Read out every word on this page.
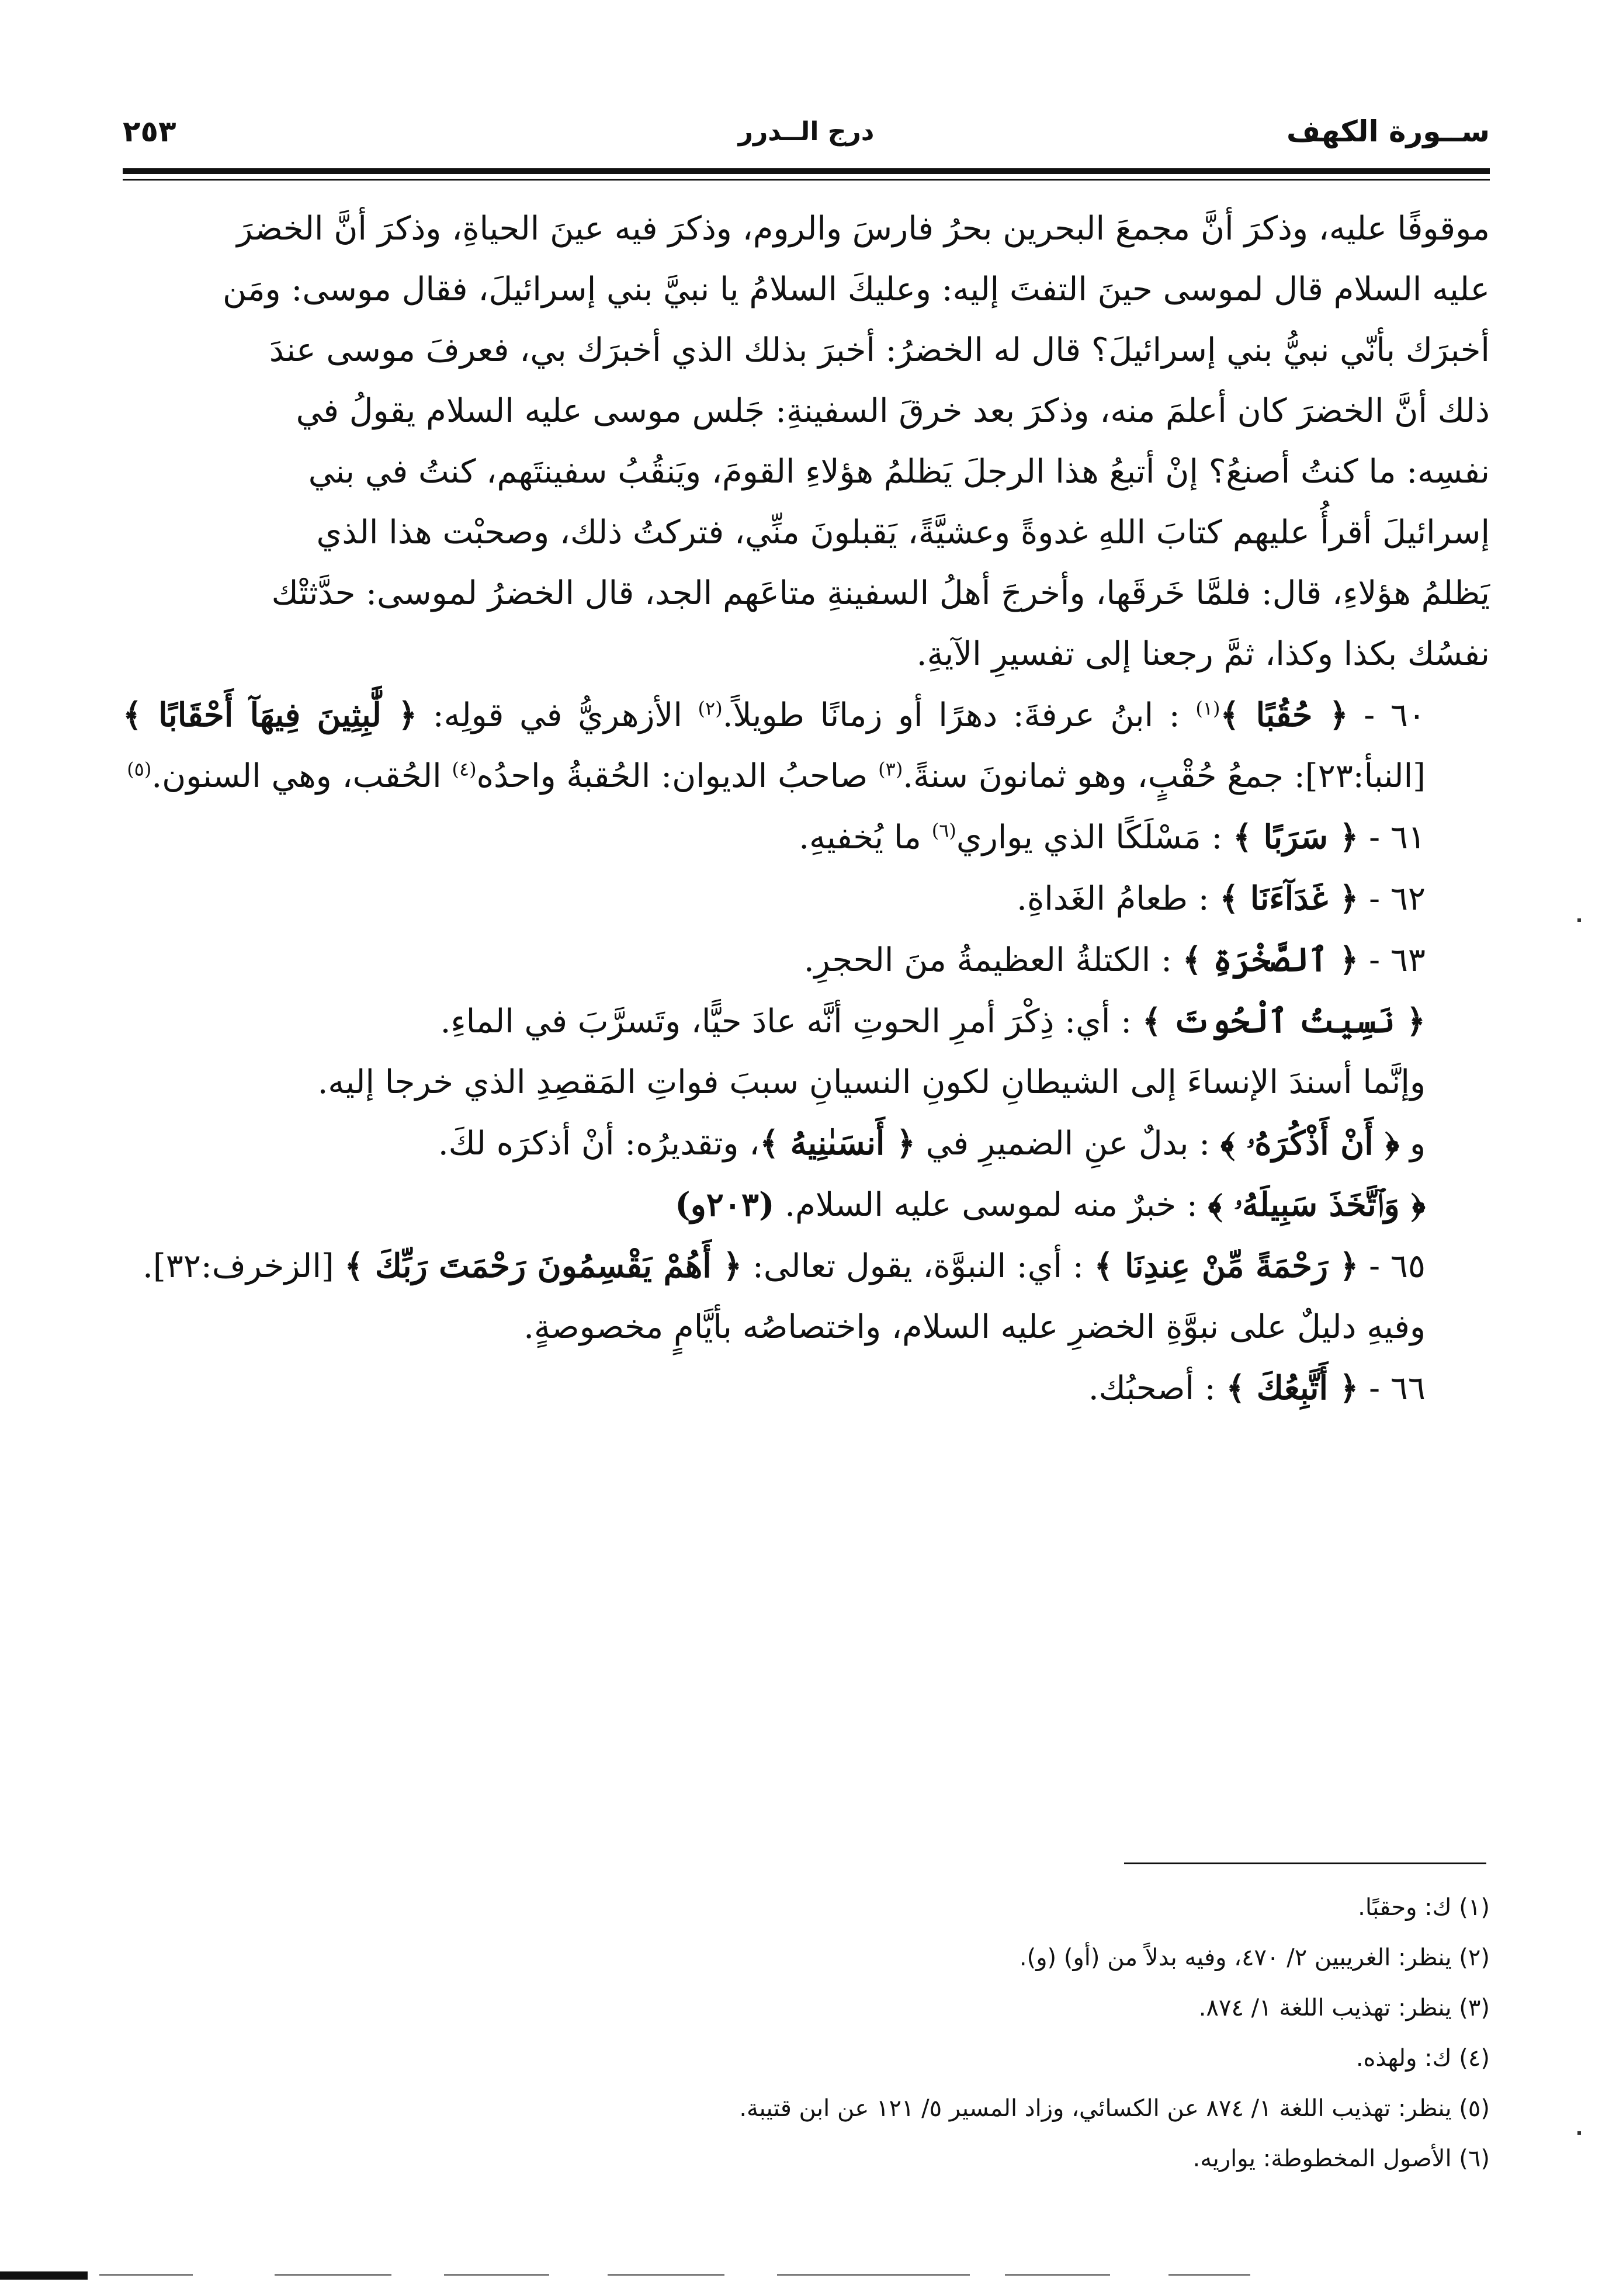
ســورة الكهف
درج الــدرر
٢٥٣

موقوفًا عليه، وذكرَ أنَّ مجمعَ البحرين بحرُ فارسَ والروم، وذكرَ فيه عينَ الحياةِ، وذكرَ أنَّ الخضرَ

عليه السلام قال لموسى حينَ التفتَ إليه: وعليكَ السلامُ يا نبيَّ بني إسرائيلَ، فقال موسى: ومَن

أخبرَك بأنّي نبيُّ بني إسرائيلَ؟ قال له الخضرُ: أخبرَ بذلك الذي أخبرَك بي، فعرفَ موسى عندَ

ذلك أنَّ الخضرَ كان أعلمَ منه، وذكرَ بعد خرقَ السفينةِ: جَلس موسى عليه السلام يقولُ في

نفسِه: ما كنتُ أصنعُ؟ إنْ أتبعُ هذا الرجلَ يَظلمُ هؤلاءِ القومَ، ويَنقُبُ سفينتَهم، كنتُ في بني

إسرائيلَ أقرأُ عليهم كتابَ اللهِ غدوةً وعشيَّةً، يَقبلونَ منِّي، فتركتُ ذلك، وصحبْت هذا الذي

يَظلمُ هؤلاءِ، قال: فلمَّا خَرقَها، وأخرجَ أهلُ السفينةِ متاعَهم الجد، قال الخضرُ لموسى: حدَّثتْك

نفسُك بكذا وكذا، ثمَّ رجعنا إلى تفسيرِ الآيةِ.

٦٠ - ﴿ حُقُبًا ﴾$^{(١)}$ : ابنُ عرفةَ: دهرًا أو زمانًا طويلاً.$^{(٢)}$ الأزهريُّ في قولِه: ﴿ لَّٰبِثِينَ فِيهَآ أَحْقَابًا ﴾ [النبأ:٢٣]: جمعُ حُقْبٍ، وهو ثمانونَ سنةً.$^{(٣)}$ صاحبُ الديوان: الحُقبةُ واحدُه$^{(٤)}$ الحُقب، وهي السنون.$^{(٥)}$

٦١ - ﴿ سَرَبًا ﴾ : مَسْلَكًا الذي يواري$^{(٦)}$ ما يُخفيهِ.

٦٢ - ﴿ غَدَآءَنَا ﴾ : طعامُ الغَداةِ.

٦٣ - ﴿ ٱلصَّخْرَةِ ﴾ : الكتلةُ العظيمةُ منَ الحجرِ.

﴿ نَسِيتُ ٱلْحُوتَ ﴾ : أي: ذِكْرَ أمرِ الحوتِ أنَّه عادَ حيًّا، وتَسرَّبَ في الماءِ.

وإنَّما أسندَ الإنساءَ إلى الشيطانِ لكونِ النسيانِ سببَ فواتِ المَقصِدِ الذي خرجا إليه.

و ﴿ أَنْ أَذْكُرَهُۥ ﴾ : بدلٌ عنِ الضميرِ في ﴿ أَنسَىٰنِيهُ ﴾، وتقديرُه: أنْ أذكرَه لكَ.

﴿ وَٱتَّخَذَ سَبِيلَهُۥ ﴾ : خبرٌ منه لموسى عليه السلام. (٢٠٣و)

٦٥ - ﴿ رَحْمَةً مِّنْ عِندِنَا ﴾ : أي: النبوَّة، يقول تعالى: ﴿ أَهُمْ يَقْسِمُونَ رَحْمَتَ رَبِّكَ ﴾ [الزخرف:٣٢].

وفيهِ دليلٌ على نبوَّةِ الخضرِ عليه السلام، واختصاصُه بأيَّامٍ مخصوصةٍ.

٦٦ - ﴿ أَتَّبِعُكَ ﴾ : أصحبُك.

(١) ك: وحقبًا.

(٢) ينظر: الغريبين ٢/ ٤٧٠، وفيه بدلاً من (أو) (و).

(٣) ينظر: تهذيب اللغة ١/ ٨٧٤.

(٤) ك: ولهذه.

(٥) ينظر: تهذيب اللغة ١/ ٨٧٤ عن الكسائي، وزاد المسير ٥/ ١٢١ عن ابن قتيبة.

(٦) الأصول المخطوطة: يواريه.
